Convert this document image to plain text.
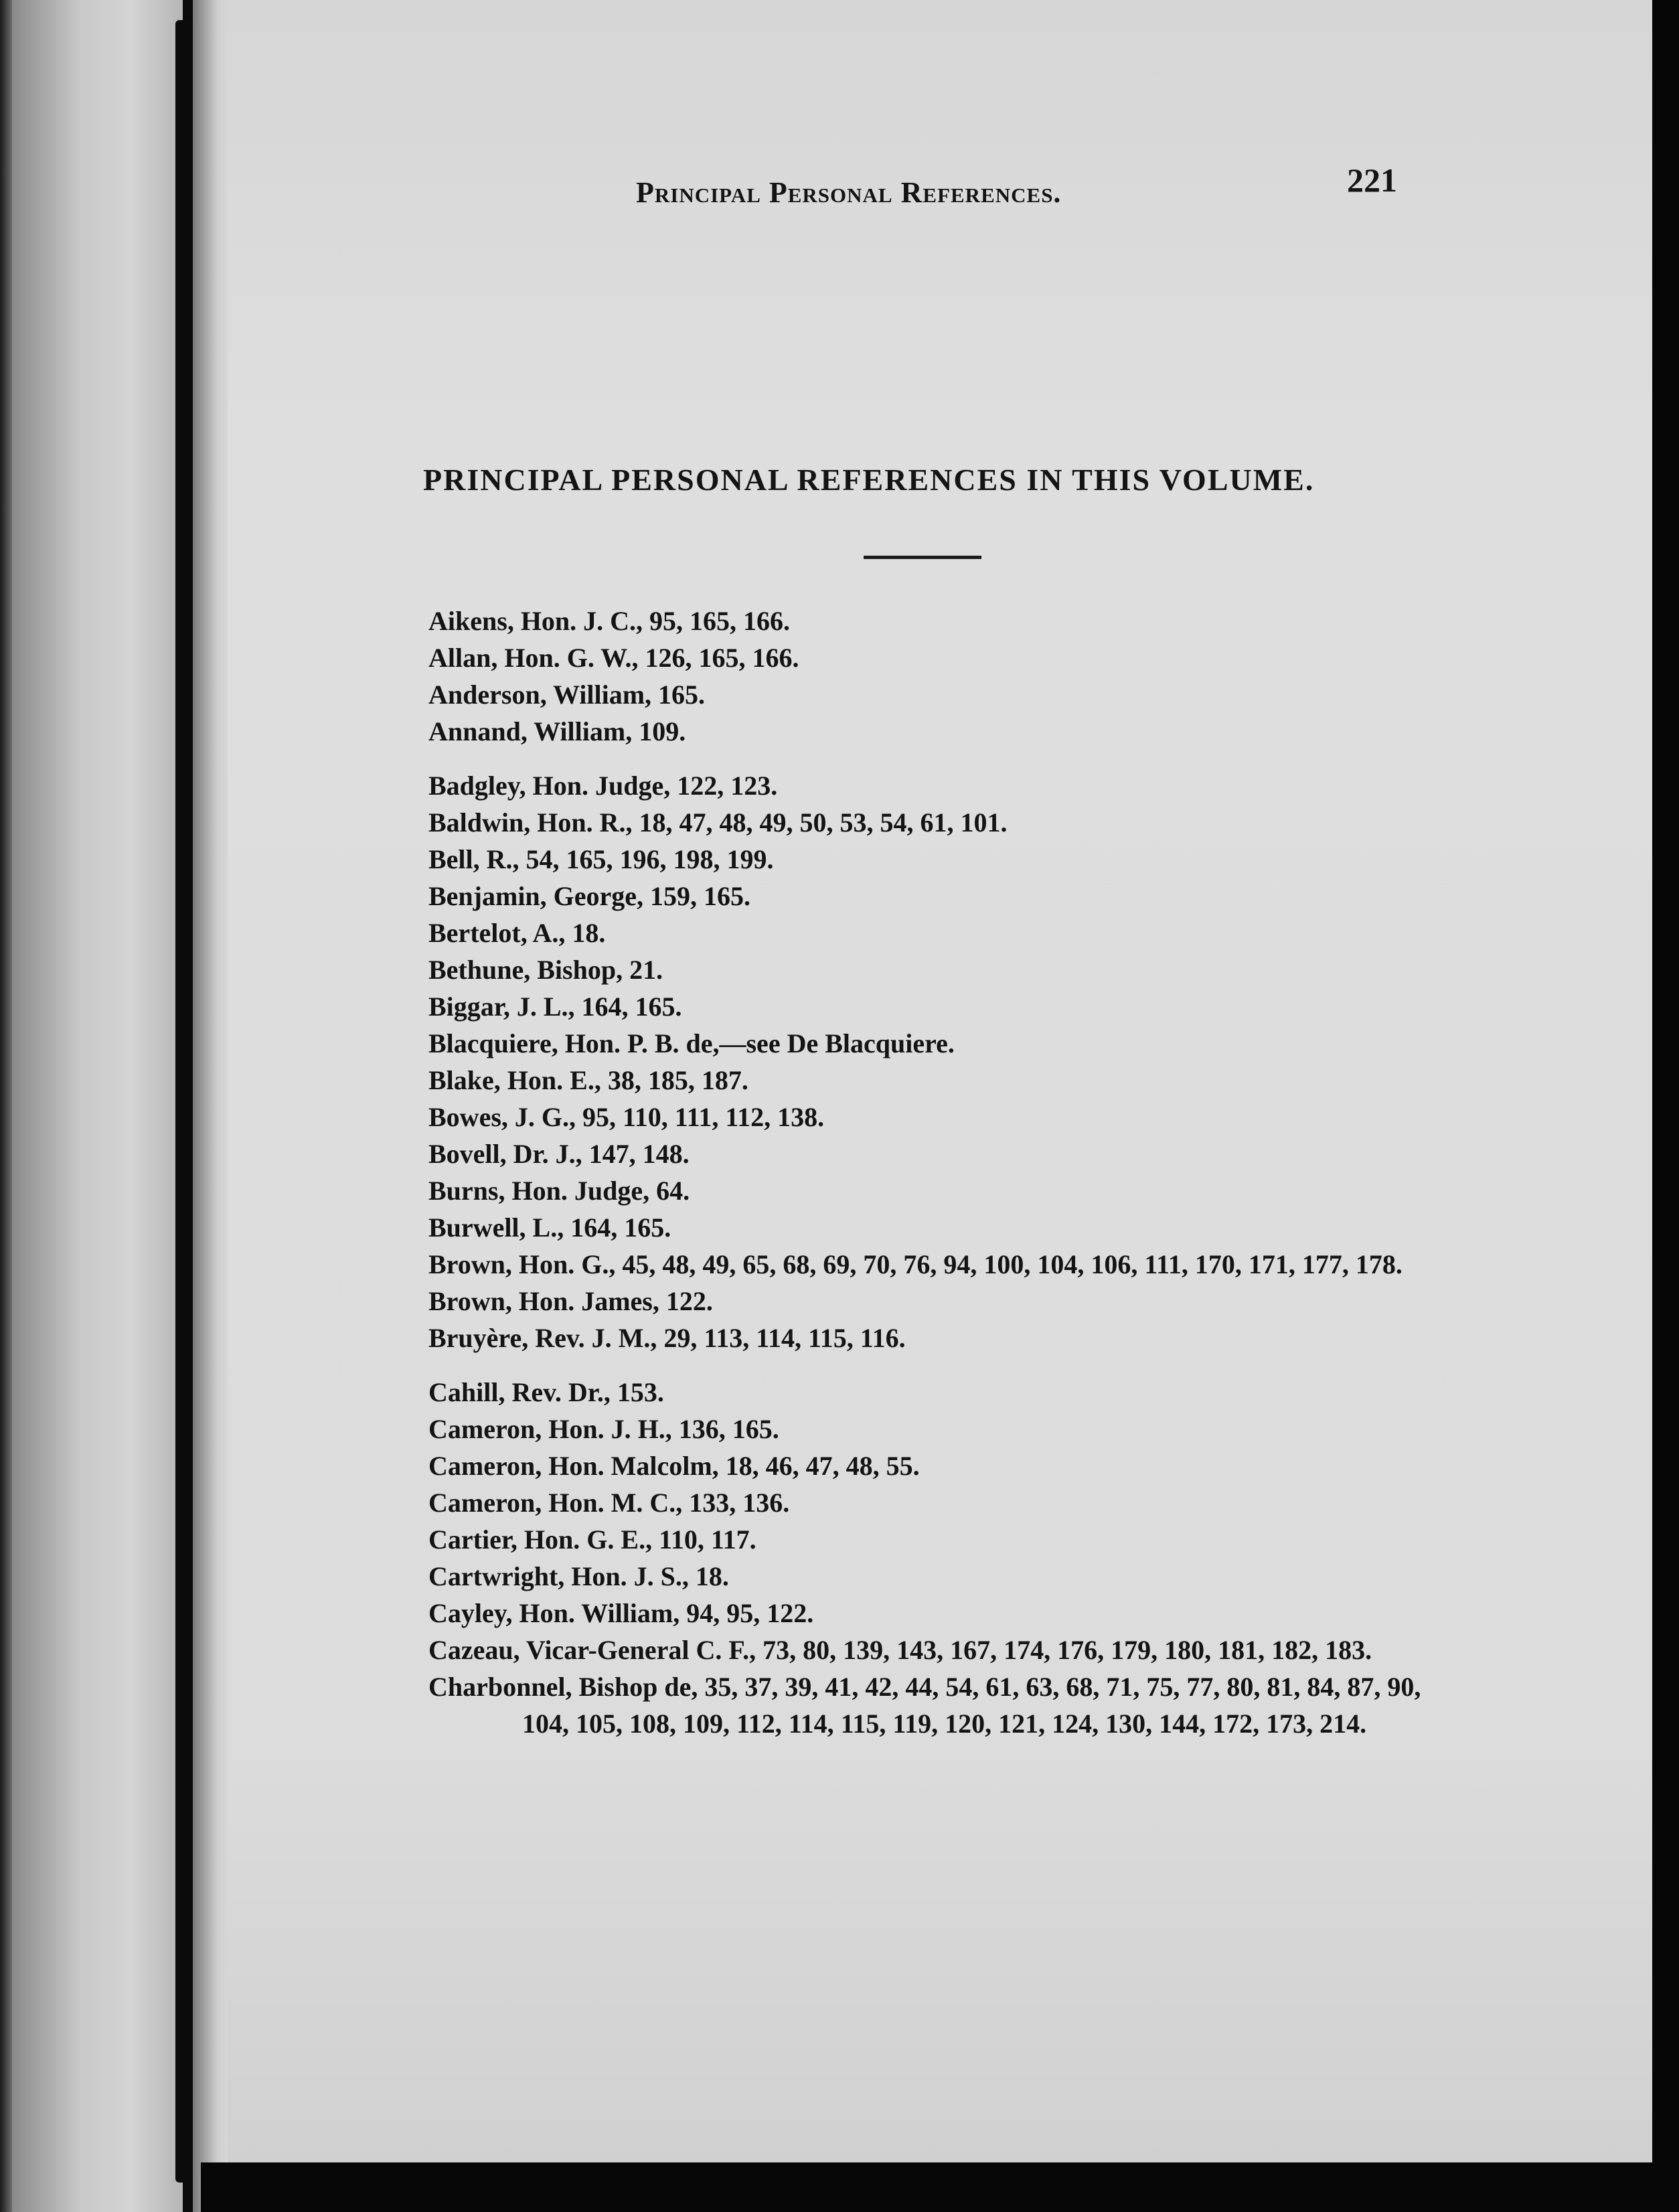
Principal Personal References.	221
PRINCIPAL PERSONAL REFERENCES IN THIS VOLUME.
Aikens, Hon. J. C., 95, 165, 166.
Allan, Hon. G. W., 126, 165, 166.
Anderson, William, 165.
Annand, William, 109.
Badgley, Hon. Judge, 122, 123.
Baldwin, Hon. R., 18, 47, 48, 49, 50, 53, 54, 61, 101.
Bell, R., 54, 165, 196, 198, 199.
Benjamin, George, 159, 165.
Bertelot, A., 18.
Bethune, Bishop, 21.
Biggar, J. L., 164, 165.
Blacquiere, Hon. P. B. de,—see De Blacquiere.
Blake, Hon. E., 38, 185, 187.
Bowes, J. G., 95, 110, 111, 112, 138.
Bovell, Dr. J., 147, 148.
Burns, Hon. Judge, 64.
Burwell, L., 164, 165.
Brown, Hon. G., 45, 48, 49, 65, 68, 69, 70, 76, 94, 100, 104, 106, 111, 170, 171, 177, 178.
Brown, Hon. James, 122.
Bruyère, Rev. J. M., 29, 113, 114, 115, 116.
Cahill, Rev. Dr., 153.
Cameron, Hon. J. H., 136, 165.
Cameron, Hon. Malcolm, 18, 46, 47, 48, 55.
Cameron, Hon. M. C., 133, 136.
Cartier, Hon. G. E., 110, 117.
Cartwright, Hon. J. S., 18.
Cayley, Hon. William, 94, 95, 122.
Cazeau, Vicar-General C. F., 73, 80, 139, 143, 167, 174, 176, 179, 180, 181, 182, 183.
Charbonnel, Bishop de, 35, 37, 39, 41, 42, 44, 54, 61, 63, 68, 71, 75, 77, 80, 81, 84, 87, 90, 104, 105, 108, 109, 112, 114, 115, 119, 120, 121, 124, 130, 144, 172, 173, 214.
